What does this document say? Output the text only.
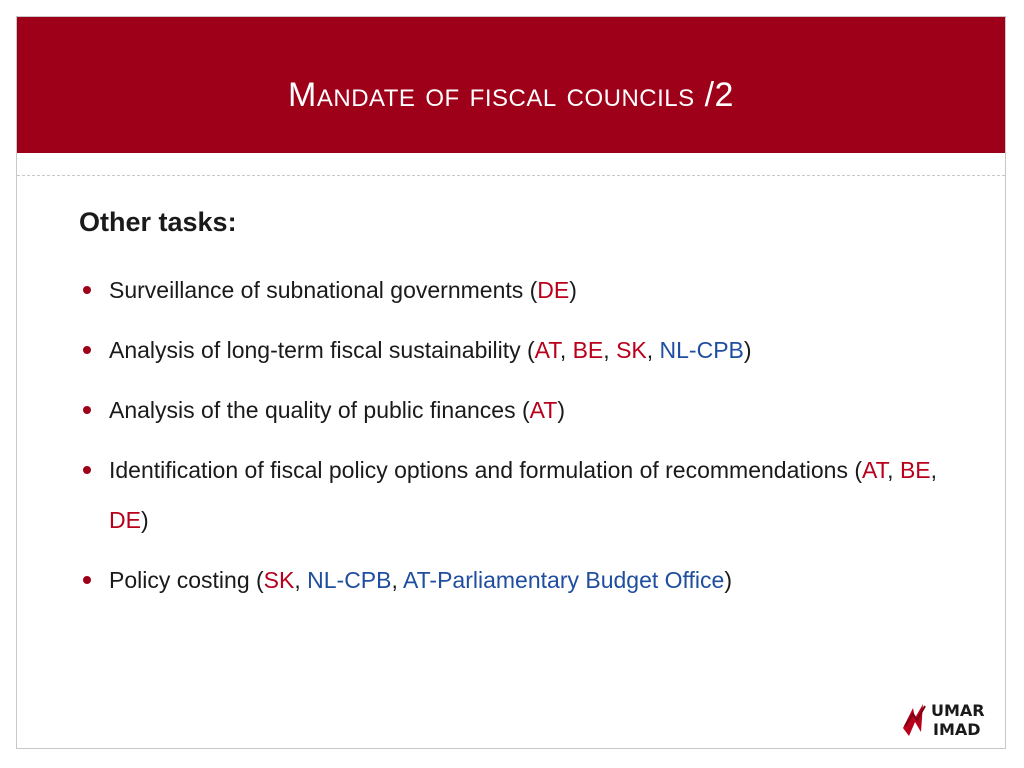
Mandate of fiscal councils /2
Other tasks:
Surveillance of subnational governments (DE)
Analysis of long-term fiscal sustainability (AT, BE, SK, NL-CPB)
Analysis of the quality of public finances (AT)
Identification of fiscal policy options and formulation of recommendations (AT, BE, DE)
Policy costing (SK, NL-CPB, AT-Parliamentary Budget Office)
UMAR
IMAD
